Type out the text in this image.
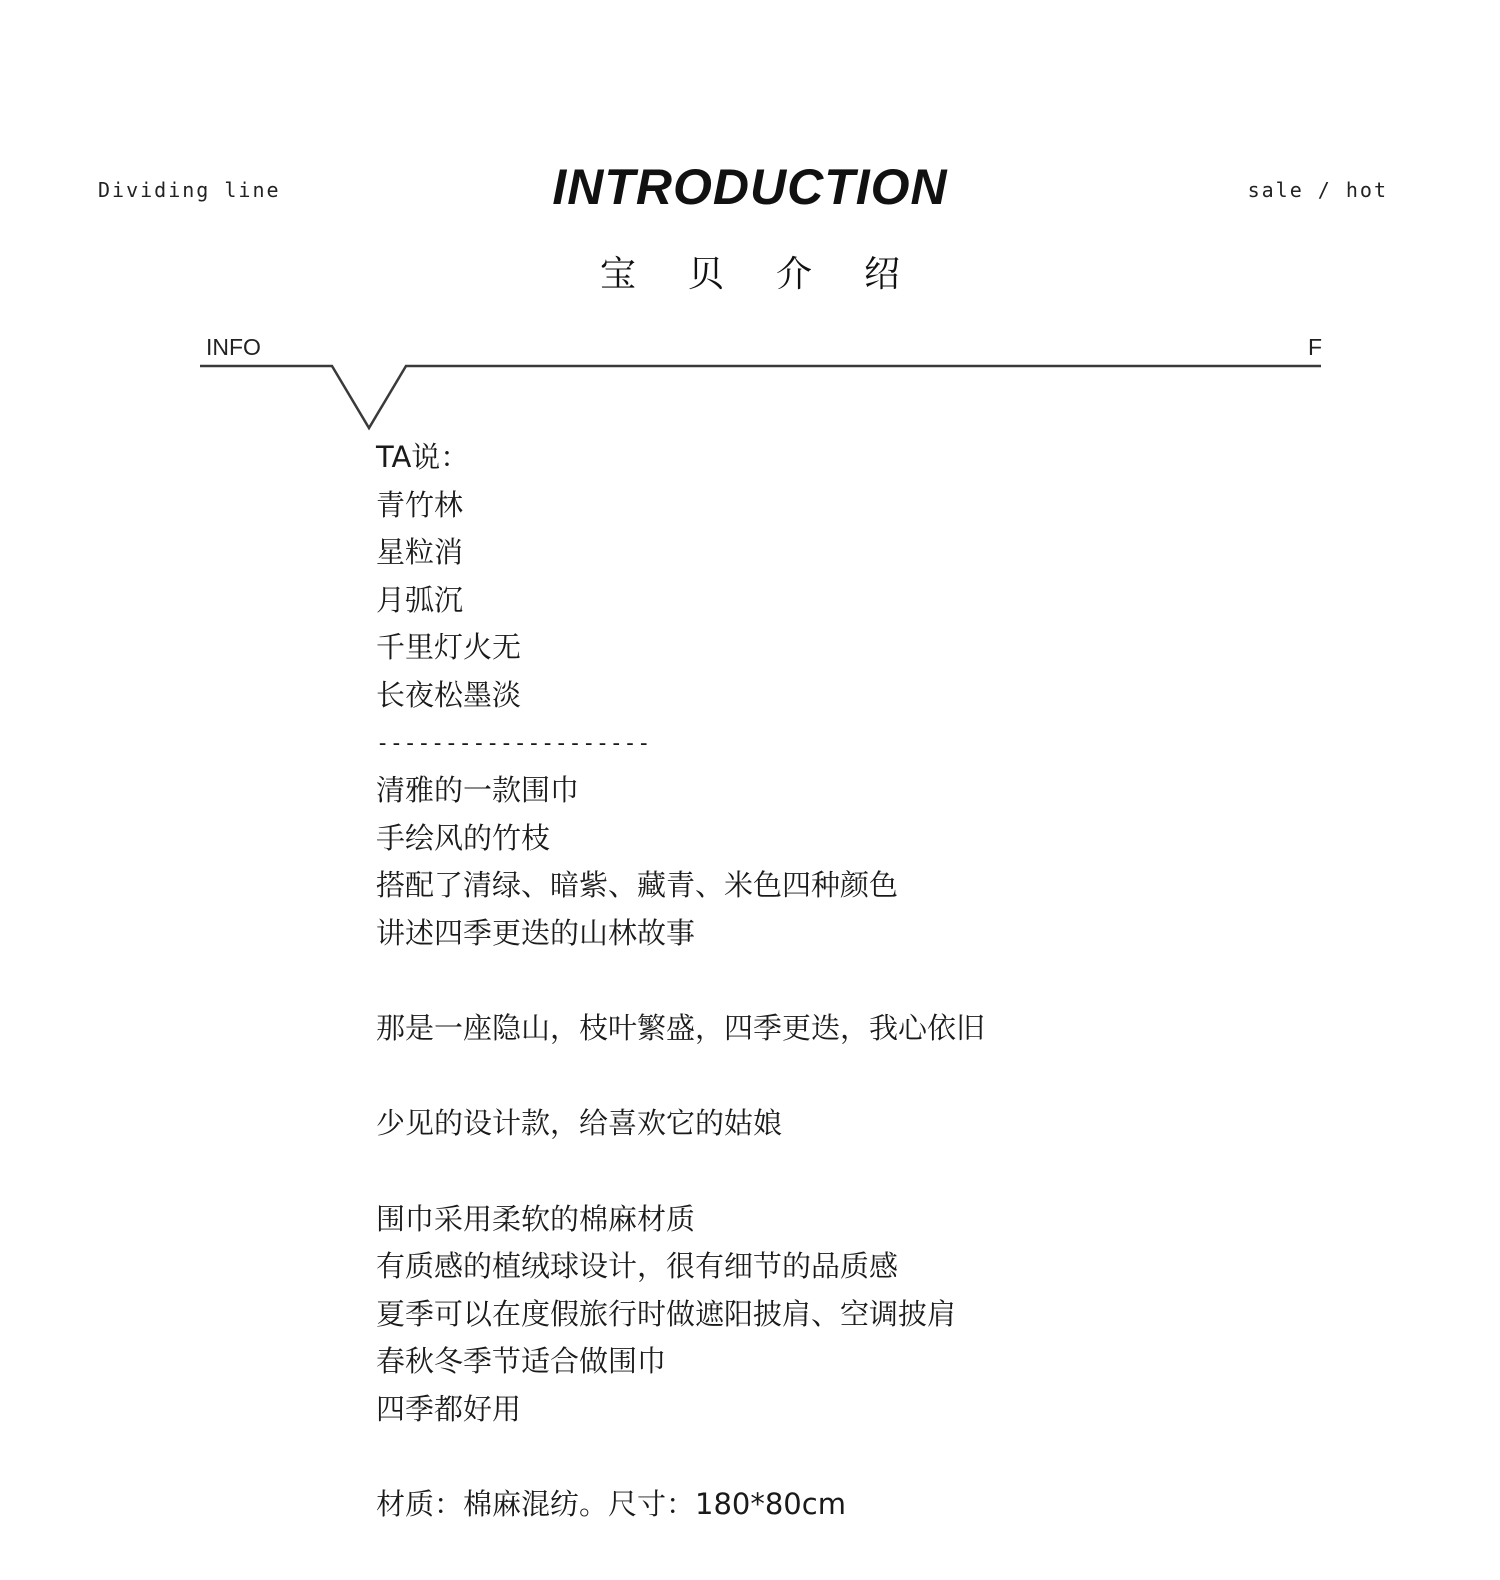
Dividing line	sale / hot
INTRODUCTION
宝贝介绍
INFO	F
TA说：
青竹林
星粒消
月弧沉
千里灯火无
长夜松墨淡
--------------------
清雅的一款围巾
手绘风的竹枝
搭配了清绿、暗紫、藏青、米色四种颜色
讲述四季更迭的山林故事
那是一座隐山，枝叶繁盛，四季更迭，我心依旧
少见的设计款，给喜欢它的姑娘
围巾采用柔软的棉麻材质
有质感的植绒球设计，很有细节的品质感
夏季可以在度假旅行时做遮阳披肩、空调披肩
春秋冬季节适合做围巾
四季都好用
材质：棉麻混纺。尺寸：180*80cm
